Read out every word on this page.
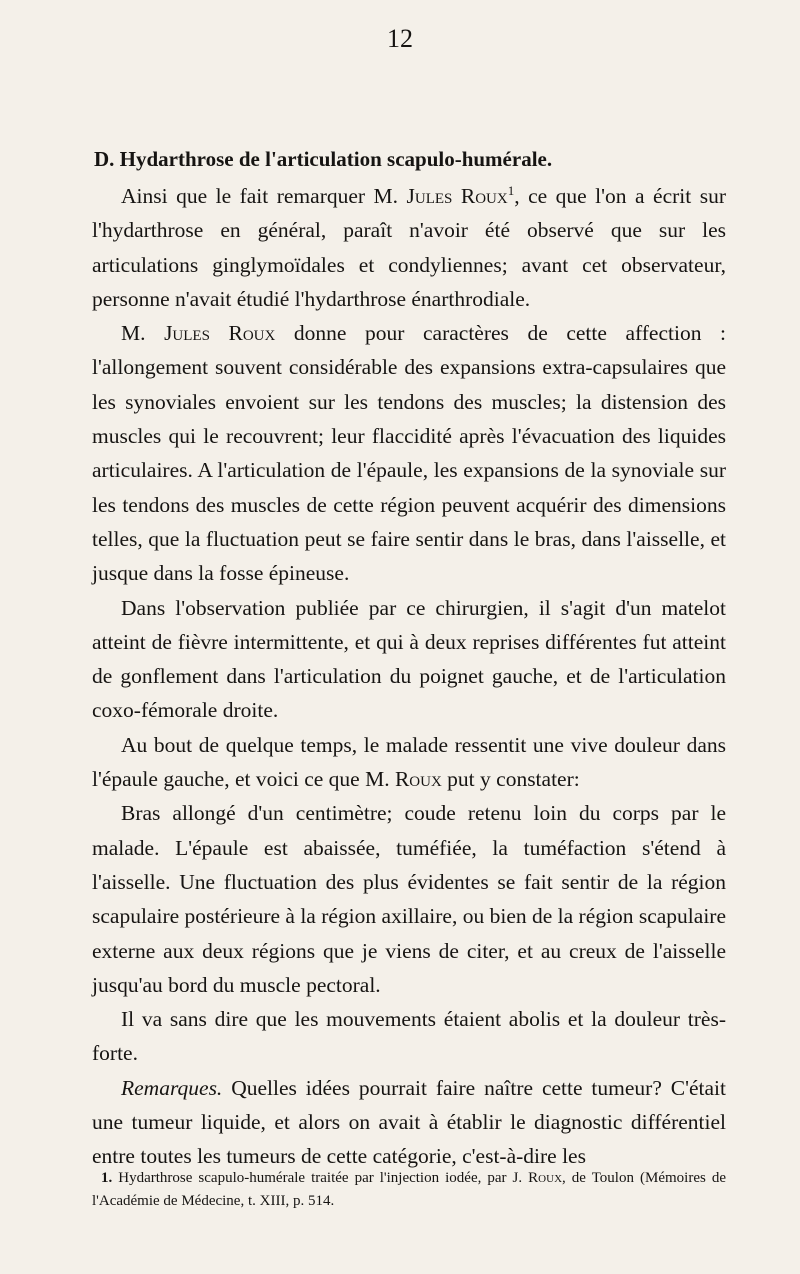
12
D. Hydarthrose de l'articulation scapulo-humérale.

Ainsi que le fait remarquer M. Jules Roux$^1$, ce que l'on a écrit sur l'hydarthrose en général, paraît n'avoir été observé que sur les articulations ginglymoïdales et condyliennes; avant cet observateur, personne n'avait étudié l'hydarthrose énarthrodiale.

M. Jules Roux donne pour caractères de cette affection : l'allongement souvent considérable des expansions extra-capsulaires que les synoviales envoient sur les tendons des muscles; la distension des muscles qui le recouvrent; leur flaccidité après l'évacuation des liquides articulaires. A l'articulation de l'épaule, les expansions de la synoviale sur les tendons des muscles de cette région peuvent acquérir des dimensions telles, que la fluctuation peut se faire sentir dans le bras, dans l'aisselle, et jusque dans la fosse épineuse.

Dans l'observation publiée par ce chirurgien, il s'agit d'un matelot atteint de fièvre intermittente, et qui à deux reprises différentes fut atteint de gonflement dans l'articulation du poignet gauche, et de l'articulation coxo-fémorale droite.

Au bout de quelque temps, le malade ressentit une vive douleur dans l'épaule gauche, et voici ce que M. Roux put y constater:

Bras allongé d'un centimètre; coude retenu loin du corps par le malade. L'épaule est abaissée, tuméfiée, la tuméfaction s'étend à l'aisselle. Une fluctuation des plus évidentes se fait sentir de la région scapulaire postérieure à la région axillaire, ou bien de la région scapulaire externe aux deux régions que je viens de citer, et au creux de l'aisselle jusqu'au bord du muscle pectoral.

Il va sans dire que les mouvements étaient abolis et la douleur très-forte.

Remarques. Quelles idées pourrait faire naître cette tumeur? C'était une tumeur liquide, et alors on avait à établir le diagnostic différentiel entre toutes les tumeurs de cette catégorie, c'est-à-dire les

1. Hydarthrose scapulo-humérale traitée par l'injection iodée, par J. Roux, de Toulon (Mémoires de l'Académie de Médecine, t. XIII, p. 514.
